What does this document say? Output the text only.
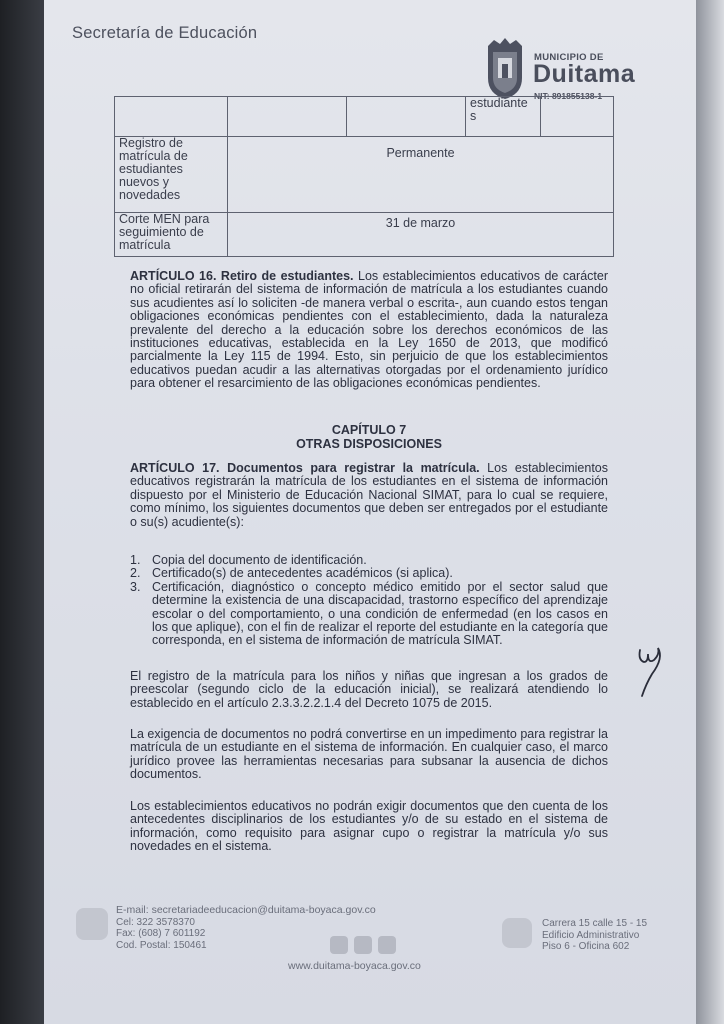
Secretaría de Educación
MUNICIPIO DE
Duitama
NIT: 891855138-1
			estudiante
s	
Registro de
matrícula de
estudiantes
nuevos y
novedades	Permanente			
Corte MEN para
seguimiento de
matrícula	31 de marzo			

ARTÍCULO 16. Retiro de estudiantes. Los establecimientos educativos de carácter no oficial retirarán del sistema de información de matrícula a los estudiantes cuando sus acudientes así lo soliciten -de manera verbal o escrita-, aun cuando estos tengan obligaciones económicas pendientes con el establecimiento, dada la naturaleza prevalente del derecho a la educación sobre los derechos económicos de las instituciones educativas, establecida en la Ley 1650 de 2013, que modificó parcialmente la Ley 115 de 1994. Esto, sin perjuicio de que los establecimientos educativos puedan acudir a las alternativas otorgadas por el ordenamiento jurídico para obtener el resarcimiento de las obligaciones económicas pendientes.

CAPÍTULO 7
OTRAS DISPOSICIONES

ARTÍCULO 17. Documentos para registrar la matrícula. Los establecimientos educativos registrarán la matrícula de los estudiantes en el sistema de información dispuesto por el Ministerio de Educación Nacional SIMAT, para lo cual se requiere, como mínimo, los siguientes documentos que deben ser entregados por el estudiante o su(s) acudiente(s):

1. Copia del documento de identificación.
2. Certificado(s) de antecedentes académicos (si aplica).
3. Certificación, diagnóstico o concepto médico emitido por el sector salud que determine la existencia de una discapacidad, trastorno específico del aprendizaje escolar o del comportamiento, o una condición de enfermedad (en los casos en los que aplique), con el fin de realizar el reporte del estudiante en la categoría que corresponda, en el sistema de información de matrícula SIMAT.

El registro de la matrícula para los niños y niñas que ingresan a los grados de preescolar (segundo ciclo de la educación inicial), se realizará atendiendo lo establecido en el artículo 2.3.3.2.2.1.4 del Decreto 1075 de 2015.

La exigencia de documentos no podrá convertirse en un impedimento para registrar la matrícula de un estudiante en el sistema de información. En cualquier caso, el marco jurídico provee las herramientas necesarias para subsanar la ausencia de dichos documentos.

Los establecimientos educativos no podrán exigir documentos que den cuenta de los antecedentes disciplinarios de los estudiantes y/o de su estado en el sistema de información, como requisito para asignar cupo o registrar la matrícula y/o sus novedades en el sistema.

E-mail: secretariadeeducacion@duitama-boyaca.gov.co
Cel: 322 3578370
Fax: (608) 7 601192
Cod. Postal: 150461
www.duitama-boyaca.gov.co
Carrera 15 calle 15 - 15
Edificio Administrativo
Piso 6 - Oficina 602
